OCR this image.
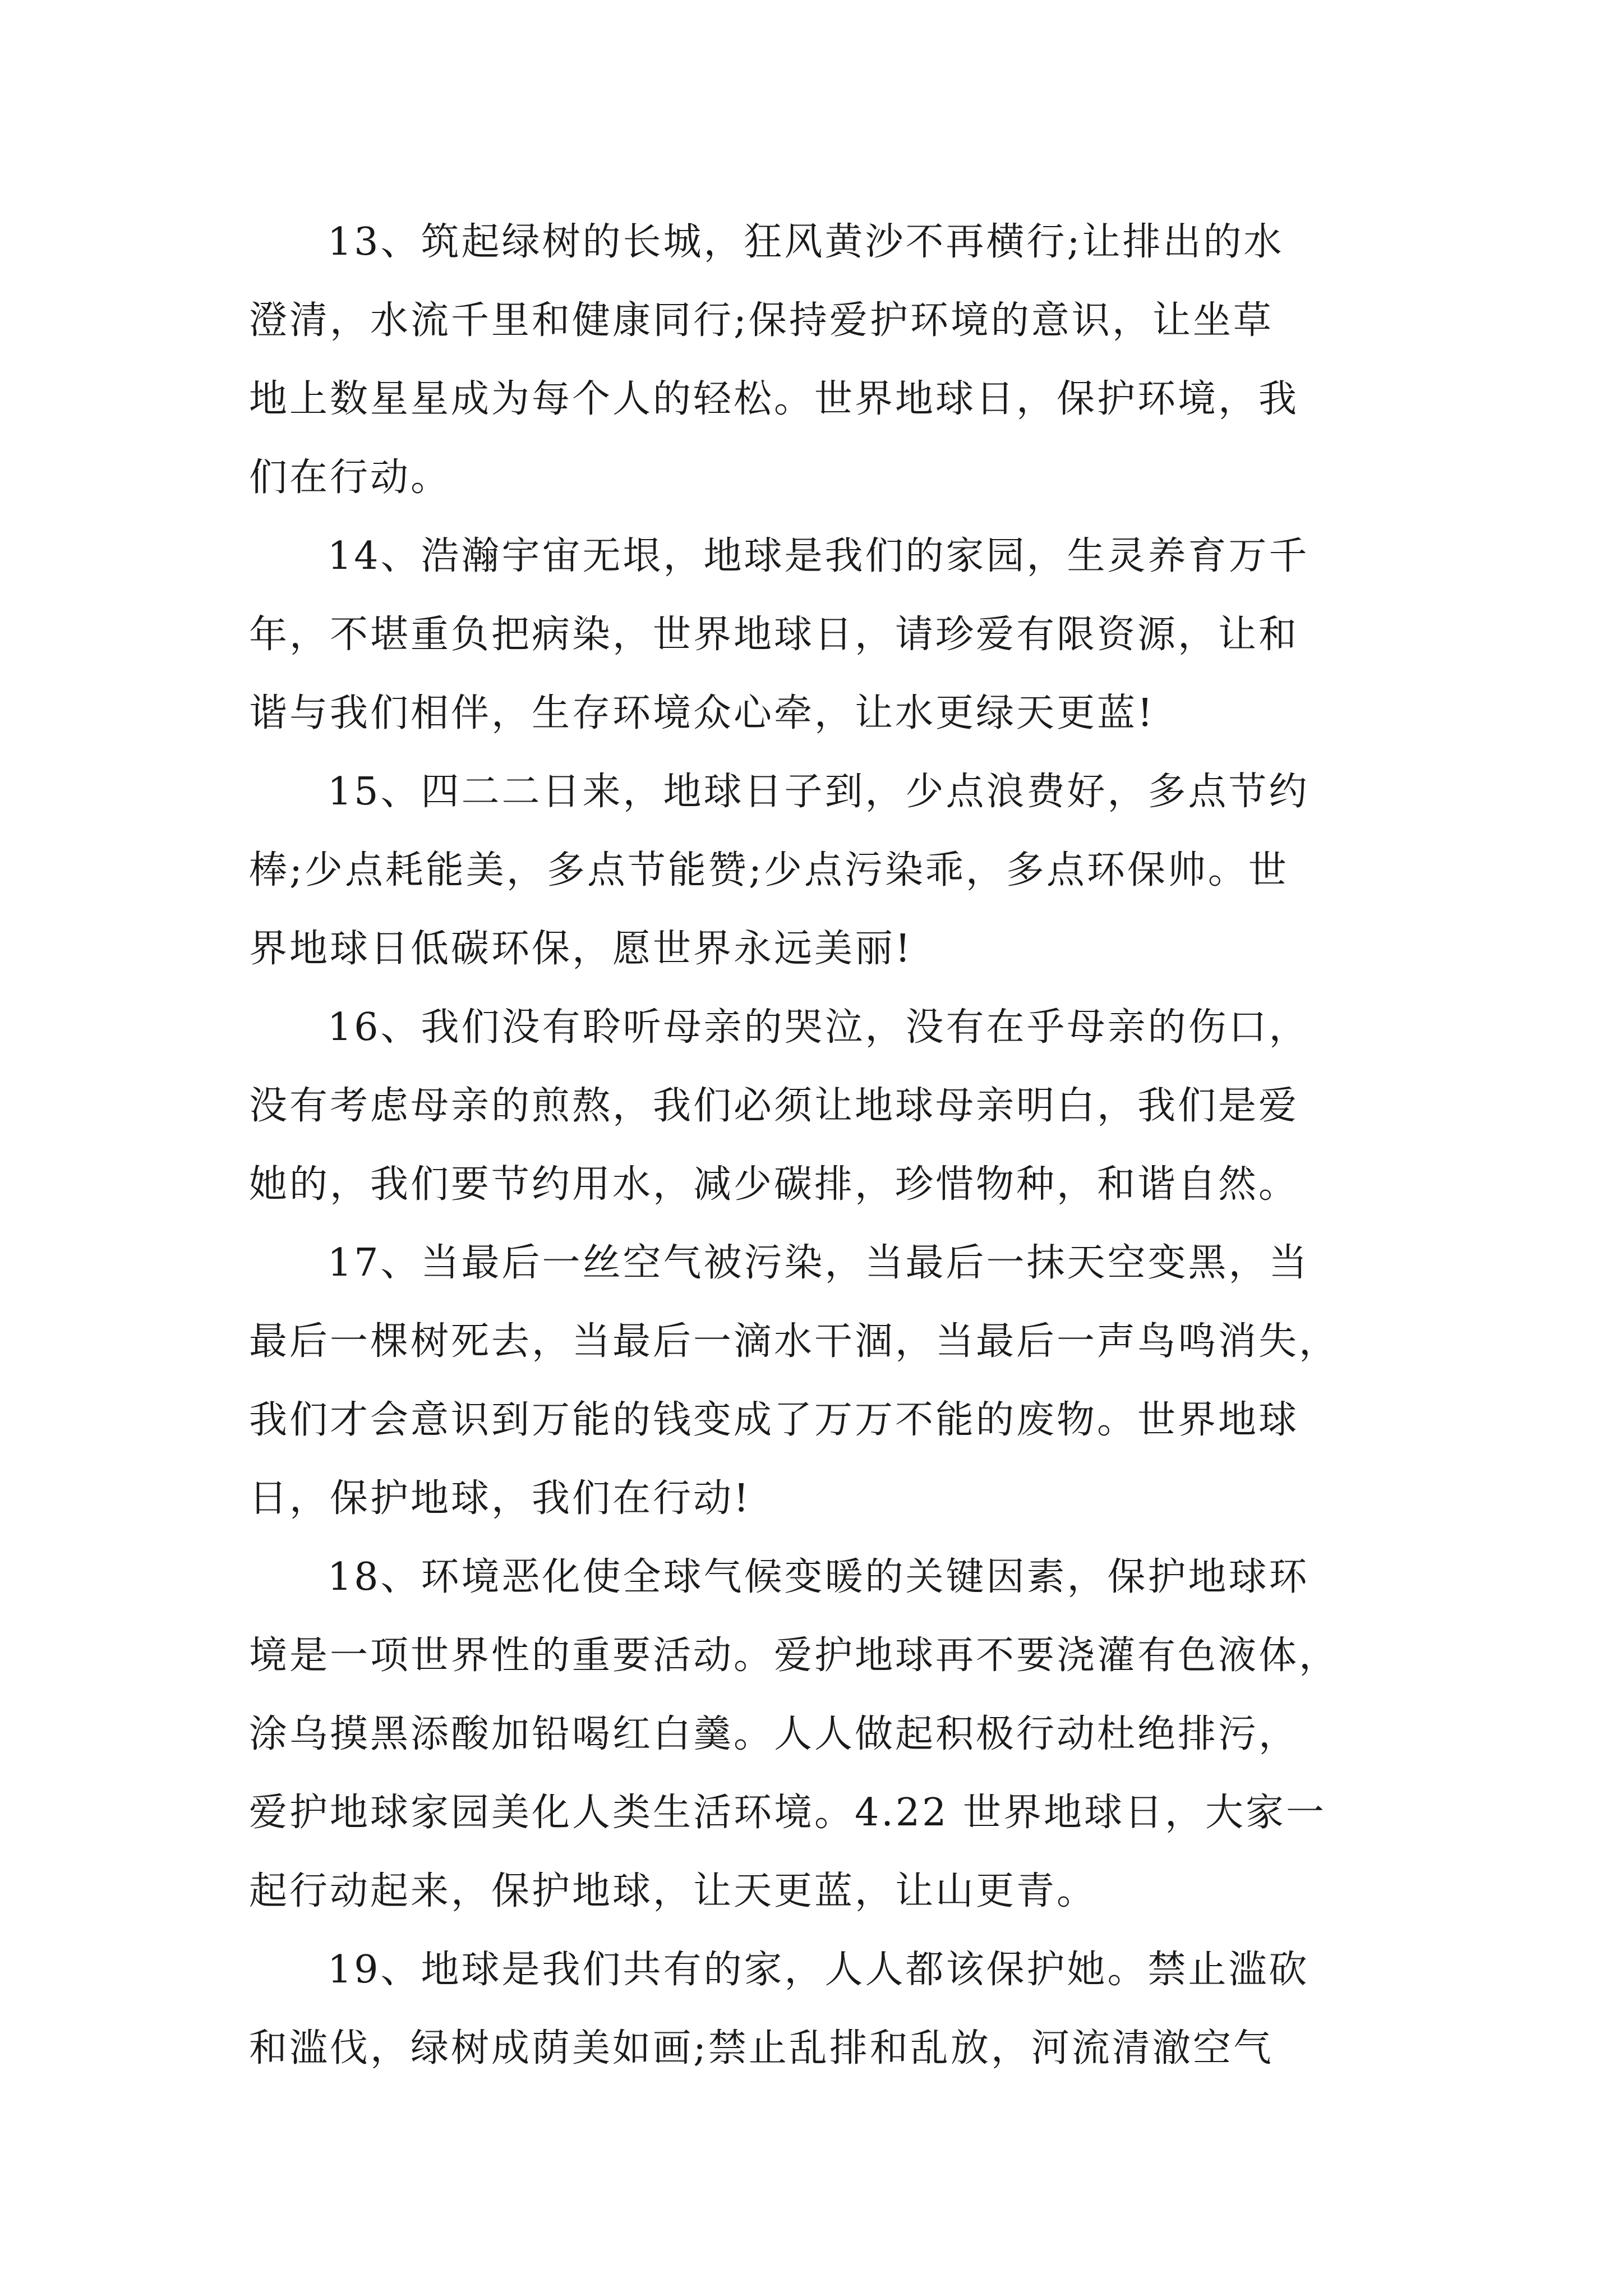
13、筑起绿树的长城，狂风黄沙不再横行;让排出的水
澄清，水流千里和健康同行;保持爱护环境的意识，让坐草
地上数星星成为每个人的轻松。世界地球日，保护环境，我
们在行动。
14、浩瀚宇宙无垠，地球是我们的家园，生灵养育万千
年，不堪重负把病染，世界地球日，请珍爱有限资源，让和
谐与我们相伴，生存环境众心牵，让水更绿天更蓝!
15、四二二日来，地球日子到，少点浪费好，多点节约
棒;少点耗能美，多点节能赞;少点污染乖，多点环保帅。世
界地球日低碳环保，愿世界永远美丽!
16、我们没有聆听母亲的哭泣，没有在乎母亲的伤口，
没有考虑母亲的煎熬，我们必须让地球母亲明白，我们是爱
她的，我们要节约用水，减少碳排，珍惜物种，和谐自然。
17、当最后一丝空气被污染，当最后一抹天空变黑，当
最后一棵树死去，当最后一滴水干涸，当最后一声鸟鸣消失，
我们才会意识到万能的钱变成了万万不能的废物。世界地球
日，保护地球，我们在行动!
18、环境恶化使全球气候变暖的关键因素，保护地球环
境是一项世界性的重要活动。爱护地球再不要浇灌有色液体，
涂乌摸黑添酸加铅喝红白羹。人人做起积极行动杜绝排污，
爱护地球家园美化人类生活环境。4.22 世界地球日，大家一
起行动起来，保护地球，让天更蓝，让山更青。
19、地球是我们共有的家，人人都该保护她。禁止滥砍
和滥伐，绿树成荫美如画;禁止乱排和乱放，河流清澈空气
